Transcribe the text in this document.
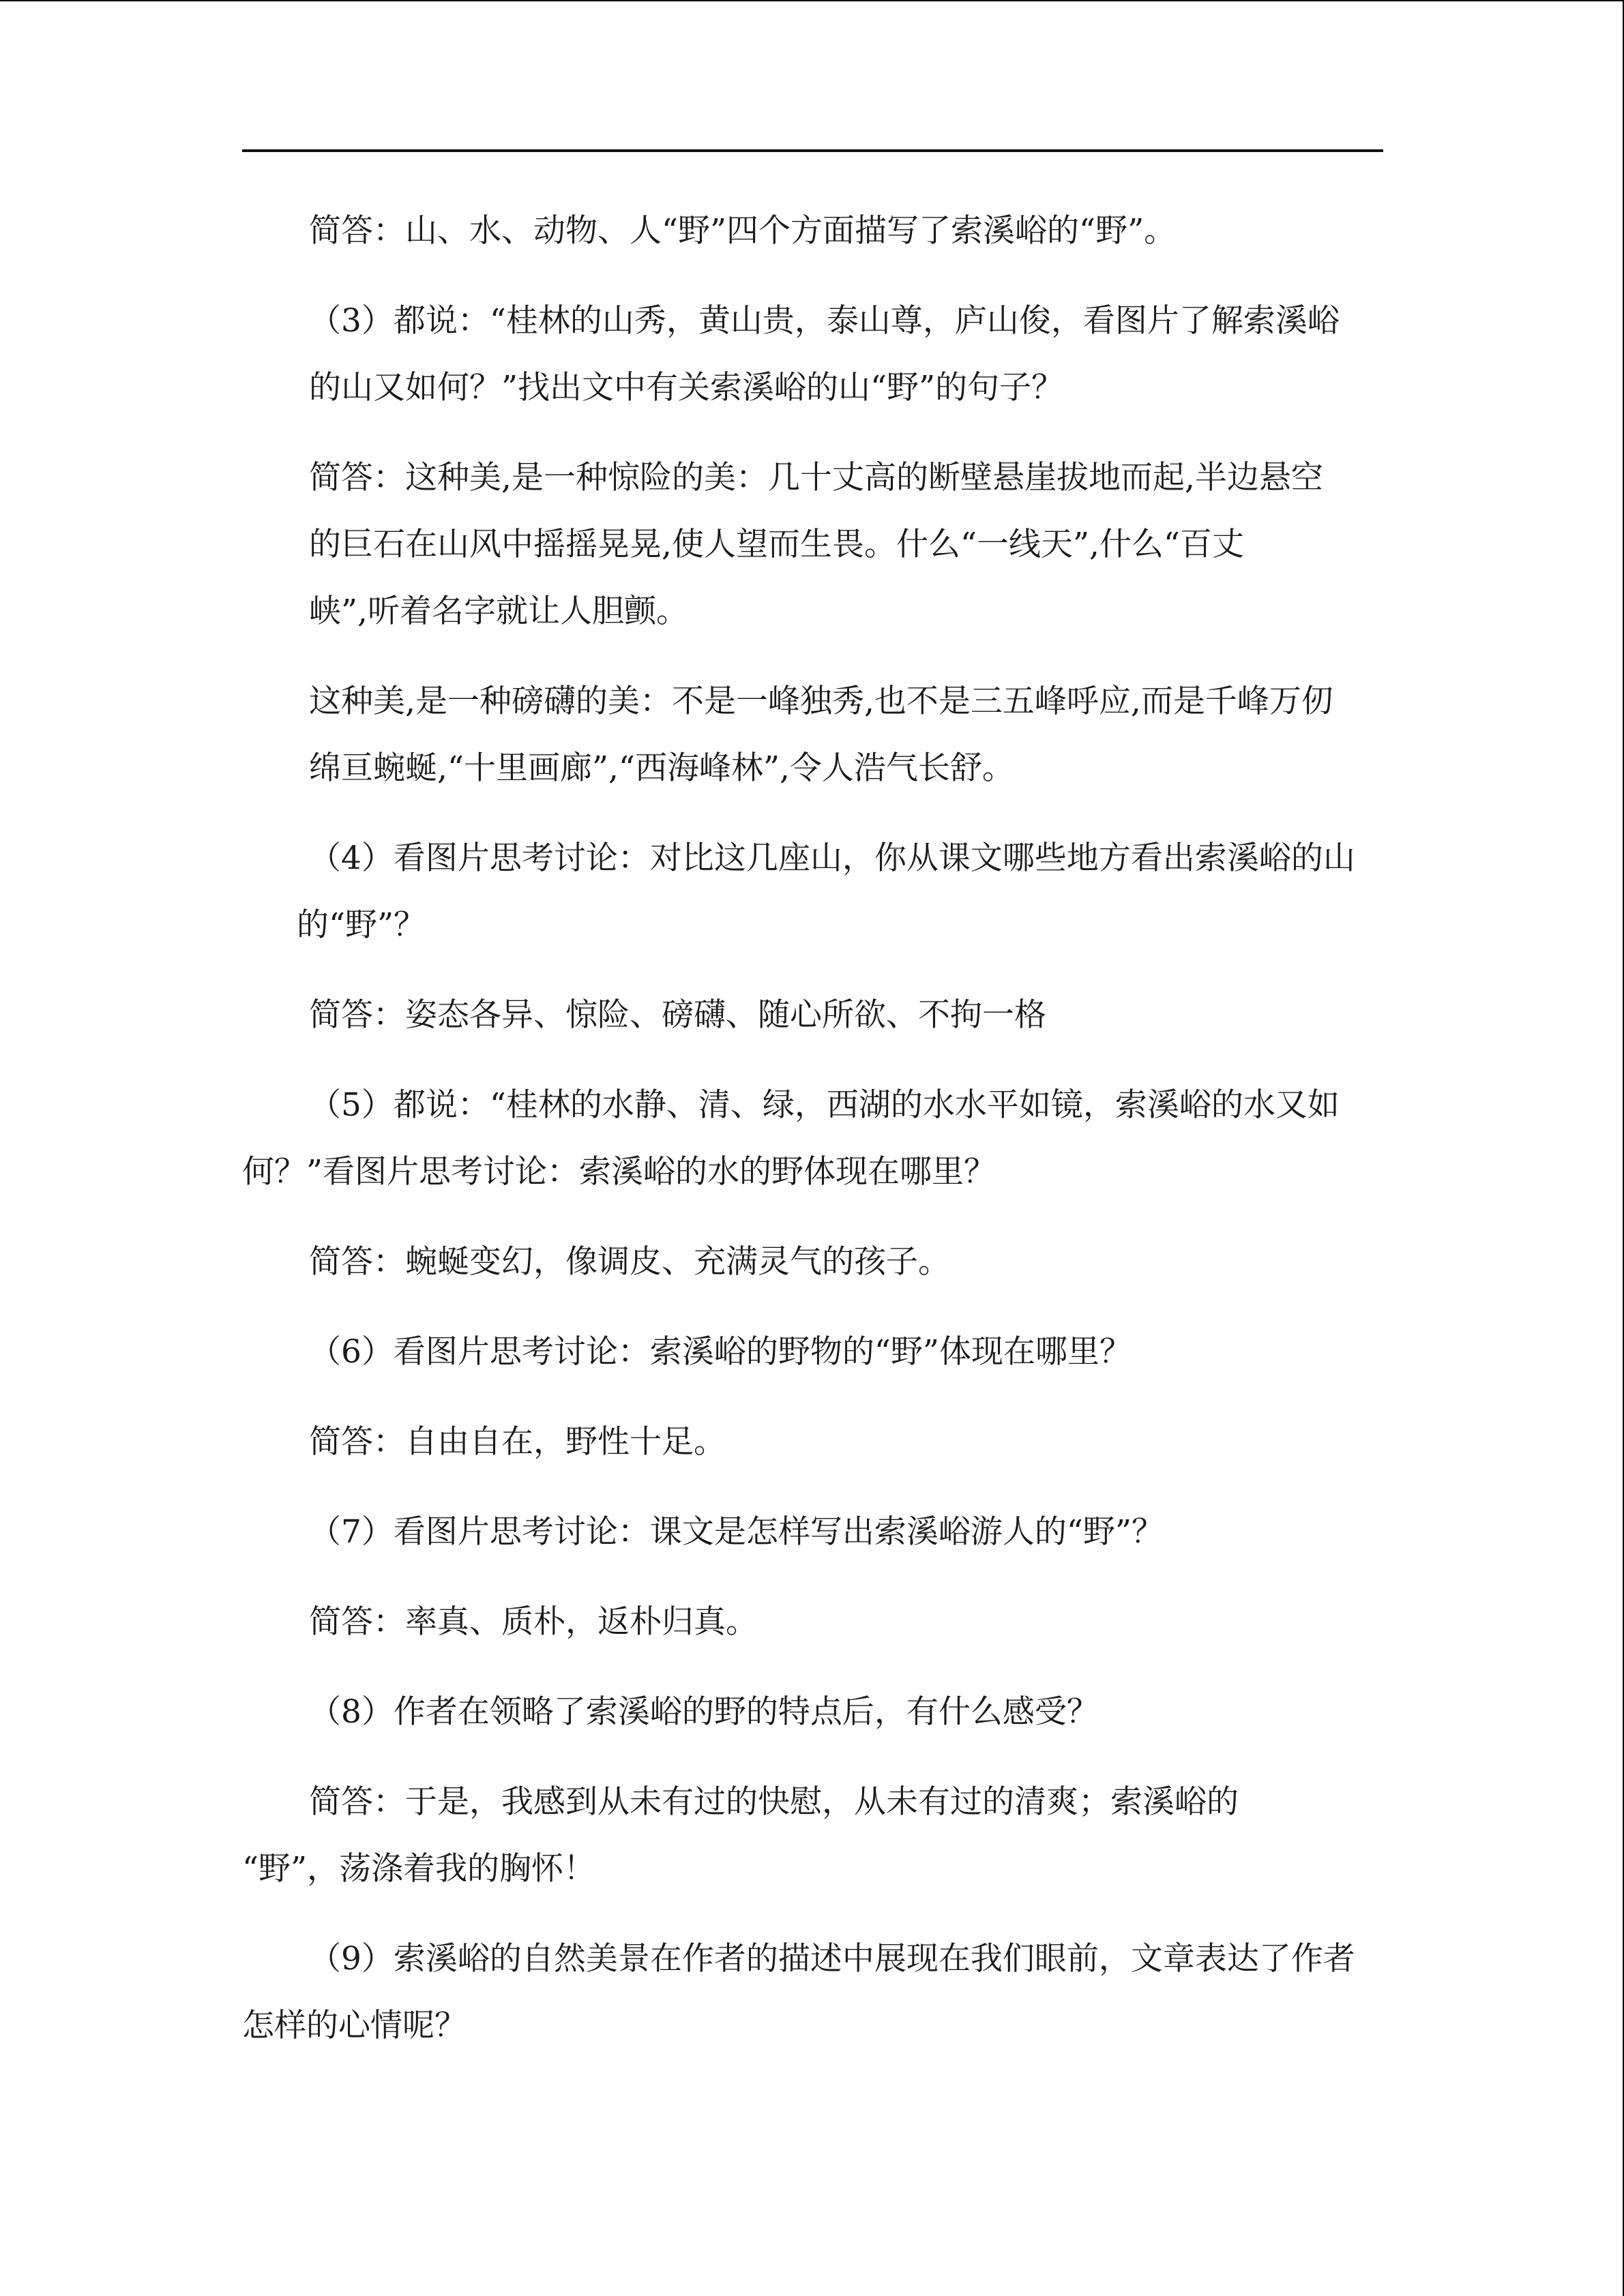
简答：山、水、动物、人“野”四个方面描写了索溪峪的“野”。

（3）都说：“桂林的山秀，黄山贵，泰山尊，庐山俊，看图片了解索溪峪
的山又如何？”找出文中有关索溪峪的山“野”的句子？

简答：这种美,是一种惊险的美：几十丈高的断壁悬崖拔地而起,半边悬空
的巨石在山风中摇摇晃晃,使人望而生畏。什么“一线天”,什么“百丈
峡”,听着名字就让人胆颤。

这种美,是一种磅礴的美：不是一峰独秀,也不是三五峰呼应,而是千峰万仞
绵亘蜿蜒,“十里画廊”,“西海峰林”,令人浩气长舒。

（4）看图片思考讨论：对比这几座山，你从课文哪些地方看出索溪峪的山
的“野”？

简答：姿态各异、惊险、磅礴、随心所欲、不拘一格

（5）都说：“桂林的水静、清、绿，西湖的水水平如镜，索溪峪的水又如
何？”看图片思考讨论：索溪峪的水的野体现在哪里？

简答：蜿蜒变幻，像调皮、充满灵气的孩子。

（6）看图片思考讨论：索溪峪的野物的“野”体现在哪里？

简答：自由自在，野性十足。

（7）看图片思考讨论：课文是怎样写出索溪峪游人的“野”？

简答：率真、质朴，返朴归真。

（8）作者在领略了索溪峪的野的特点后，有什么感受？

简答：于是，我感到从未有过的快慰，从未有过的清爽；索溪峪的
“野”，荡涤着我的胸怀！

（9）索溪峪的自然美景在作者的描述中展现在我们眼前，文章表达了作者
怎样的心情呢？
